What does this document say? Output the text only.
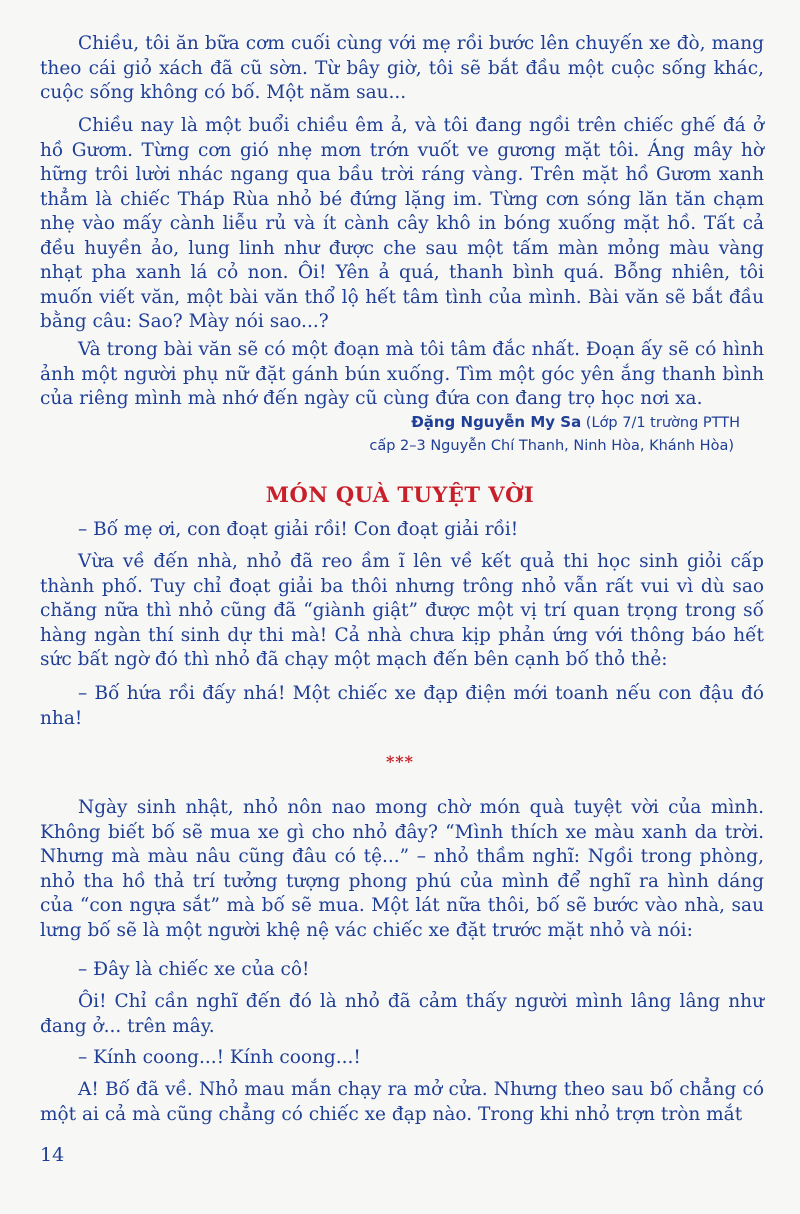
Chiều, tôi ăn bữa cơm cuối cùng với mẹ rồi bước lên chuyến xe đò, mang theo cái giỏ xách đã cũ sờn. Từ bây giờ, tôi sẽ bắt đầu một cuộc sống khác, cuộc sống không có bố. Một năm sau...

Chiều nay là một buổi chiều êm ả, và tôi đang ngồi trên chiếc ghế đá ở hồ Gươm. Từng cơn gió nhẹ mơn trớn vuốt ve gương mặt tôi. Áng mây hờ hững trôi lười nhác ngang qua bầu trời ráng vàng. Trên mặt hồ Gươm xanh thẳm là chiếc Tháp Rùa nhỏ bé đứng lặng im. Từng cơn sóng lăn tăn chạm nhẹ vào mấy cành liễu rủ và ít cành cây khô in bóng xuống mặt hồ. Tất cả đều huyền ảo, lung linh như được che sau một tấm màn mỏng màu vàng nhạt pha xanh lá cỏ non. Ôi! Yên ả quá, thanh bình quá. Bỗng nhiên, tôi muốn viết văn, một bài văn thổ lộ hết tâm tình của mình. Bài văn sẽ bắt đầu bằng câu: Sao? Mày nói sao...?

Và trong bài văn sẽ có một đoạn mà tôi tâm đắc nhất. Đoạn ấy sẽ có hình ảnh một người phụ nữ đặt gánh bún xuống. Tìm một góc yên ắng thanh bình của riêng mình mà nhớ đến ngày cũ cùng đứa con đang trọ học nơi xa.

Đặng Nguyễn My Sa (Lớp 7/1 trường PTTH
cấp 2–3 Nguyễn Chí Thanh, Ninh Hòa, Khánh Hòa)
MÓN QUÀ TUYỆT VỜI

– Bố mẹ ơi, con đoạt giải rồi! Con đoạt giải rồi!

Vừa về đến nhà, nhỏ đã reo ầm ĩ lên về kết quả thi học sinh giỏi cấp thành phố. Tuy chỉ đoạt giải ba thôi nhưng trông nhỏ vẫn rất vui vì dù sao chăng nữa thì nhỏ cũng đã “giành giật” được một vị trí quan trọng trong số hàng ngàn thí sinh dự thi mà! Cả nhà chưa kịp phản ứng với thông báo hết sức bất ngờ đó thì nhỏ đã chạy một mạch đến bên cạnh bố thỏ thẻ:

– Bố hứa rồi đấy nhá! Một chiếc xe đạp điện mới toanh nếu con đậu đó nha!

***

Ngày sinh nhật, nhỏ nôn nao mong chờ món quà tuyệt vời của mình. Không biết bố sẽ mua xe gì cho nhỏ đây? “Mình thích xe màu xanh da trời. Nhưng mà màu nâu cũng đâu có tệ...” – nhỏ thầm nghĩ: Ngồi trong phòng, nhỏ tha hồ thả trí tưởng tượng phong phú của mình để nghĩ ra hình dáng của “con ngựa sắt” mà bố sẽ mua. Một lát nữa thôi, bố sẽ bước vào nhà, sau lưng bố sẽ là một người khệ nệ vác chiếc xe đặt trước mặt nhỏ và nói:

– Đây là chiếc xe của cô!

Ôi! Chỉ cần nghĩ đến đó là nhỏ đã cảm thấy người mình lâng lâng như đang ở... trên mây.

– Kính coong...! Kính coong...!

A! Bố đã về. Nhỏ mau mắn chạy ra mở cửa. Nhưng theo sau bố chẳng có một ai cả mà cũng chẳng có chiếc xe đạp nào. Trong khi nhỏ trợn tròn mắt

14
